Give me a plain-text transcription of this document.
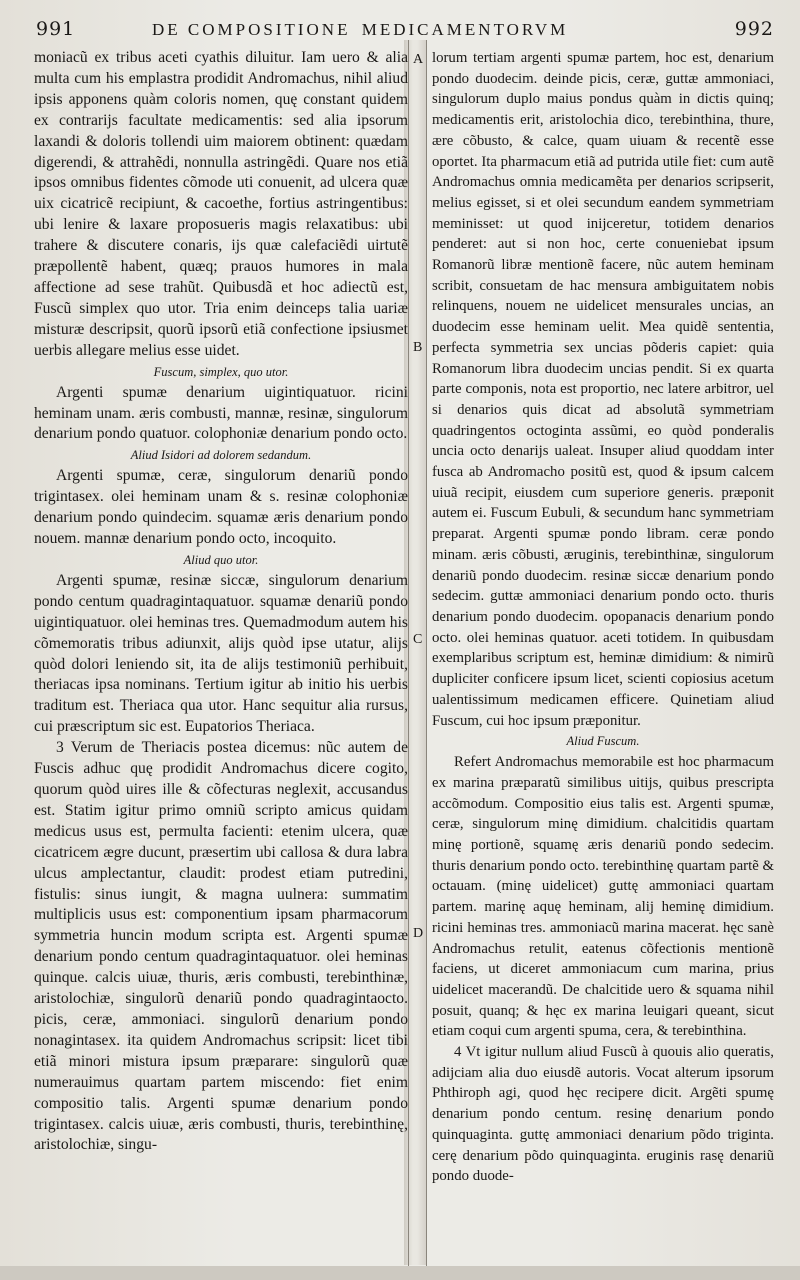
991	DE COMPOSITIONE MEDICAMENTORVM	992

moniacũ ex tribus aceti cyathis diluitur. Iam uero & alia multa cum his emplastra prodidit Andromachus, nihil aliud ipsis apponens quàm coloris nomen, quę constant quidem ex contrarijs facultate medicamentis: sed alia ipsorum laxandi & doloris tollendi uim maiorem obtinent: quædam digerendi, & attrahẽdi, nonnulla astringẽdi. Quare nos etiã ipsos omnibus fidentes cõmode uti conuenit, ad ulcera quæ uix cicatricẽ recipiunt, & cacoethe, fortius astringentibus: ubi lenire & laxare proposueris magis relaxatibus: ubi trahere & discutere conaris, ijs quæ calefaciẽdi uirtutẽ præpollentẽ habent, quæq; prauos humores in mala affectione ad sese trahũt. Quibusdã et hoc adiectũ est, Fuscũ simplex quo utor. Tria enim deinceps talia uariæ misturæ descripsit, quorũ ipsorũ etiã confectione ipsiusmet uerbis allegare melius esse uidet.

Fuscum, simplex, quo utor.

Argenti spumæ denarium uigintiquatuor. ricini heminam unam. æris combusti, mannæ, resinæ, singulorum denarium pondo quatuor. colophoniæ denarium pondo octo.

Aliud Isidori ad dolorem sedandum.

Argenti spumæ, ceræ, singulorum denariũ pondo trigintasex. olei heminam unam & s. resinæ colophoniæ denarium pondo quindecim. squamæ æris denarium pondo nouem. mannæ denarium pondo octo, incoquito.

Aliud quo utor.

Argenti spumæ, resinæ siccæ, singulorum denarium pondo centum quadragintaquatuor. squamæ denariũ pondo uigintiquatuor. olei heminas tres. Quemadmodum autem his cõmemoratis tribus adiunxit, alijs quòd ipse utatur, alijs quòd dolori leniendo sit, ita de alijs testimoniũ perhibuit, theriacas ipsa nominans. Tertium igitur ab initio his uerbis traditum est. Theriaca qua utor. Hanc sequitur alia rursus, cui præscriptum sic est. Eupatorios Theriaca.

3 Verum de Theriacis postea dicemus: nũc autem de Fuscis adhuc quę prodidit Andromachus dicere cogito, quorum quòd uires ille & cõfecturas neglexit, accusandus est. Statim igitur primo omniũ scripto amicus quidam medicus usus est, permulta facienti: etenim ulcera, quæ cicatricem ægre ducunt, præsertim ubi callosa & dura labra ulcus amplectantur, claudit: prodest etiam putredini, fistulis: sinus iungit, & magna uulnera: summatim multiplicis usus est: componentium ipsam pharmacorum symmetria huncin modum scripta est. Argenti spumæ denarium pondo centum quadragintaquatuor. olei heminas quinque. calcis uiuæ, thuris, æris combusti, terebinthinæ, aristolochiæ, singulorũ denariũ pondo quadragintaocto. picis, ceræ, ammoniaci. singulorũ denarium pondo nonagintasex. ita quidem Andromachus scripsit: licet tibi etiã minori mistura ipsum præparare: singulorũ quæ numerauimus quartam partem miscendo: fiet enim compositio talis. Argenti spumæ denarium pondo trigintasex. calcis uiuæ, æris combusti, thuris, terebinthinę, aristolochiæ, singu-

lorum tertiam argenti spumæ partem, hoc est, denarium pondo duodecim. deinde picis, ceræ, guttæ ammoniaci, singulorum duplo maius pondus quàm in dictis quinq; medicamentis erit, aristolochia dico, terebinthina, thure, ære cõbusto, & calce, quam uiuam & recentẽ esse oportet. Ita pharmacum etiã ad putrida utile fiet: cum autẽ Andromachus omnia medicamẽta per denarios scripserit, melius egisset, si et olei secundum eandem symmetriam meminisset: ut quod inijceretur, totidem denarios penderet: aut si non hoc, certe conueniebat ipsum Romanorũ libræ mentionẽ facere, nũc autem heminam scribit, consuetam de hac mensura ambiguitatem nobis relinquens, nouem ne uidelicet mensurales uncias, an duodecim esse heminam uelit. Mea quidẽ sententia, perfecta symmetria sex uncias põderis capiet: quia Romanorum libra duodecim uncias pendit. Si ex quarta parte componis, nota est proportio, nec latere arbitror, uel si denarios quis dicat ad absolutã symmetriam quadringentos octoginta assũmi, eo quòd ponderalis uncia octo denarijs ualeat. Insuper aliud quoddam inter fusca ab Andromacho positũ est, quod & ipsum calcem uiuã recipit, eiusdem cum superiore generis. præponit autem ei. Fuscum Eubuli, & secundum hanc symmetriam preparat. Argenti spumæ pondo libram. ceræ pondo minam. æris cõbusti, æruginis, terebinthinæ, singulorum denariũ pondo duodecim. resinæ siccæ denarium pondo sedecim. guttæ ammoniaci denarium pondo octo. thuris denarium pondo duodecim. opopanacis denarium pondo octo. olei heminas quatuor. aceti totidem. In quibusdam exemplaribus scriptum est, heminæ dimidium: & nimirũ dupliciter conficere ipsum licet, scienti copiosius acetum ualentissimum medicamen efficere. Quinetiam aliud Fuscum, cui hoc ipsum præponitur.

Aliud Fuscum.

Refert Andromachus memorabile est hoc pharmacum ex marina præparatũ similibus uitijs, quibus prescripta accõmodum. Compositio eius talis est. Argenti spumæ, ceræ, singulorum minę dimidium. chalcitidis quartam minę portionẽ, squamę æris denariũ pondo sedecim. thuris denarium pondo octo. terebinthinę quartam partẽ & octauam. (minę uidelicet) guttę ammoniaci quartam partem. marinę aquę heminam, alij heminę dimidium. ricini heminas tres. ammoniacũ marina macerat. hęc sanè Andromachus retulit, eatenus cõfectionis mentionẽ faciens, ut diceret ammoniacum cum marina, prius uidelicet macerandũ. De chalcitide uero & squama nihil posuit, quanq; & hęc ex marina leuigari queant, sicut etiam coqui cum argenti spuma, cera, & terebinthina.

4 Vt igitur nullum aliud Fuscũ à quouis alio queratis, adijciam alia duo eiusdẽ autoris. Vocat alterum ipsorum Phthiroph agi, quod hęc recipere dicit. Argẽti spumę denarium pondo centum. resinę denarium pondo quinquaginta. guttę ammoniaci denarium põdo triginta. cerę denarium põdo quinquaginta. eruginis rasę denariũ pondo duode-

A
B
C
D
